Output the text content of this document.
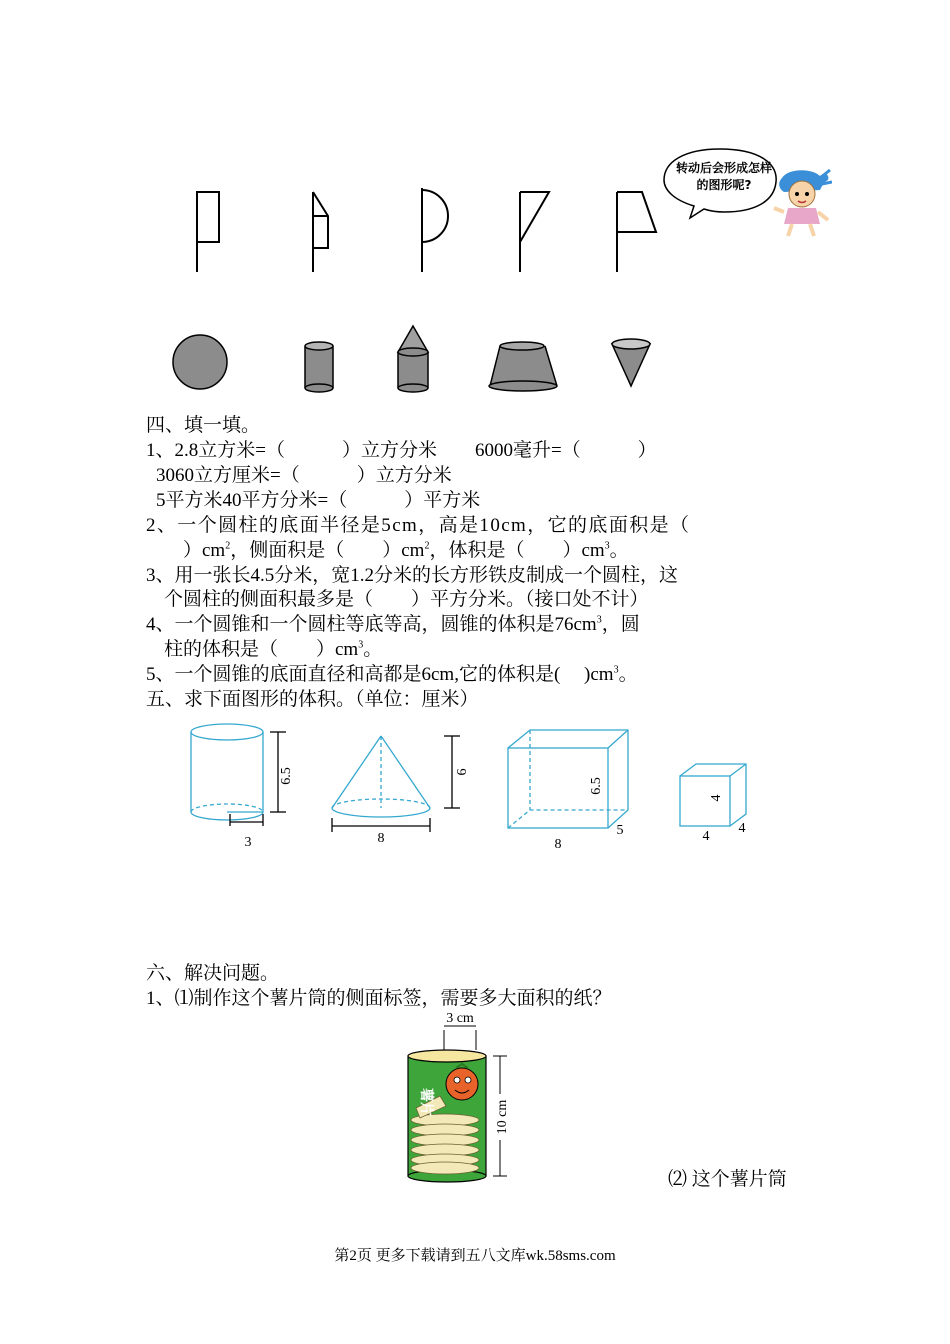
转动后会形成怎样的图形呢?
四、填一填。
1、2.8立方米=（　　　）立方分米　　6000毫升=（　　　）
3060立方厘米=（　　　）立方分米
5平方米40平方分米=（　　　）平方米
2、一个圆柱的底面半径是5cm，高是10cm，它的底面积是（
　）$cm^2$，侧面积是（　　）$cm^2$，体积是（　　）$cm^3$。
3、用一张长4.5分米，宽1.2分米的长方形铁皮制成一个圆柱，这
个圆柱的侧面积最多是（　　）平方分米。（接口处不计）
4、一个圆锥和一个圆柱等底等高，圆锥的体积是$76cm^3$，圆
柱的体积是（　　）$cm^3$。
5、一个圆锥的底面直径和高都是6cm,它的体积是(　 )$cm^3$。
五、求下面图形的体积。（单位：厘米）
6.5
3
6
8
6.5
8
5
4
4
4
六、解决问题。
1、⑴制作这个薯片筒的侧面标签，需要多大面积的纸？
薯片
3 cm
10 cm
⑵ 这个薯片筒
第2页 更多下载请到五八文库wk.58sms.com
